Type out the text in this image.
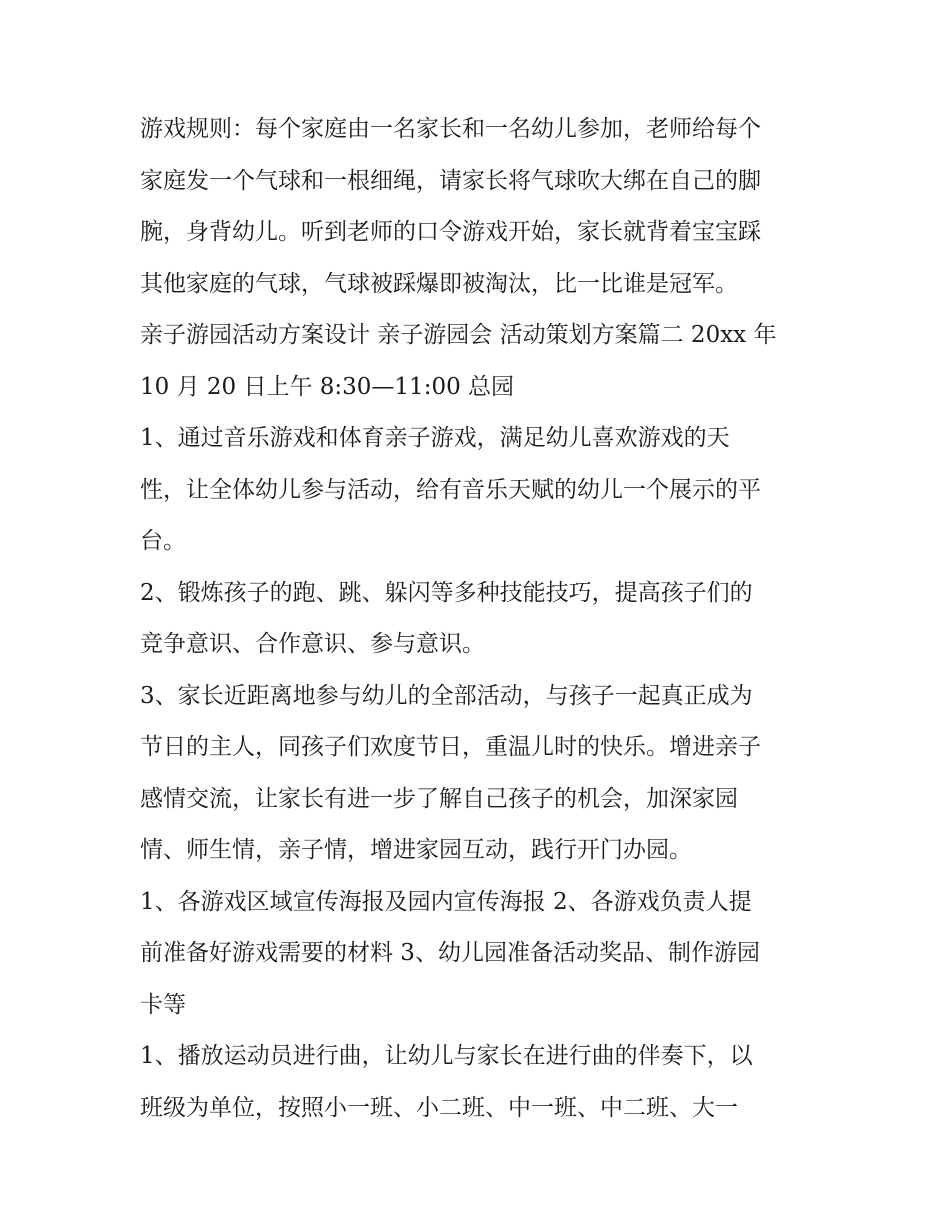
游戏规则：每个家庭由一名家长和一名幼儿参加，老师给每个
家庭发一个气球和一根细绳，请家长将气球吹大绑在自己的脚
腕，身背幼儿。听到老师的口令游戏开始，家长就背着宝宝踩
其他家庭的气球，气球被踩爆即被淘汰，比一比谁是冠军。

亲子游园活动方案设计 亲子游园会 活动策划方案篇二 20xx 年
10 月 20 日上午 8:30—11:00 总园

1、通过音乐游戏和体育亲子游戏，满足幼儿喜欢游戏的天
性，让全体幼儿参与活动，给有音乐天赋的幼儿一个展示的平
台。

2、锻炼孩子的跑、跳、躲闪等多种技能技巧，提高孩子们的
竞争意识、合作意识、参与意识。

3、家长近距离地参与幼儿的全部活动，与孩子一起真正成为
节日的主人，同孩子们欢度节日，重温儿时的快乐。增进亲子
感情交流，让家长有进一步了解自己孩子的机会，加深家园
情、师生情，亲子情，增进家园互动，践行开门办园。

1、各游戏区域宣传海报及园内宣传海报 2、各游戏负责人提
前准备好游戏需要的材料 3、幼儿园准备活动奖品、制作游园
卡等

1、播放运动员进行曲，让幼儿与家长在进行曲的伴奏下，以
班级为单位，按照小一班、小二班、中一班、中二班、大一
